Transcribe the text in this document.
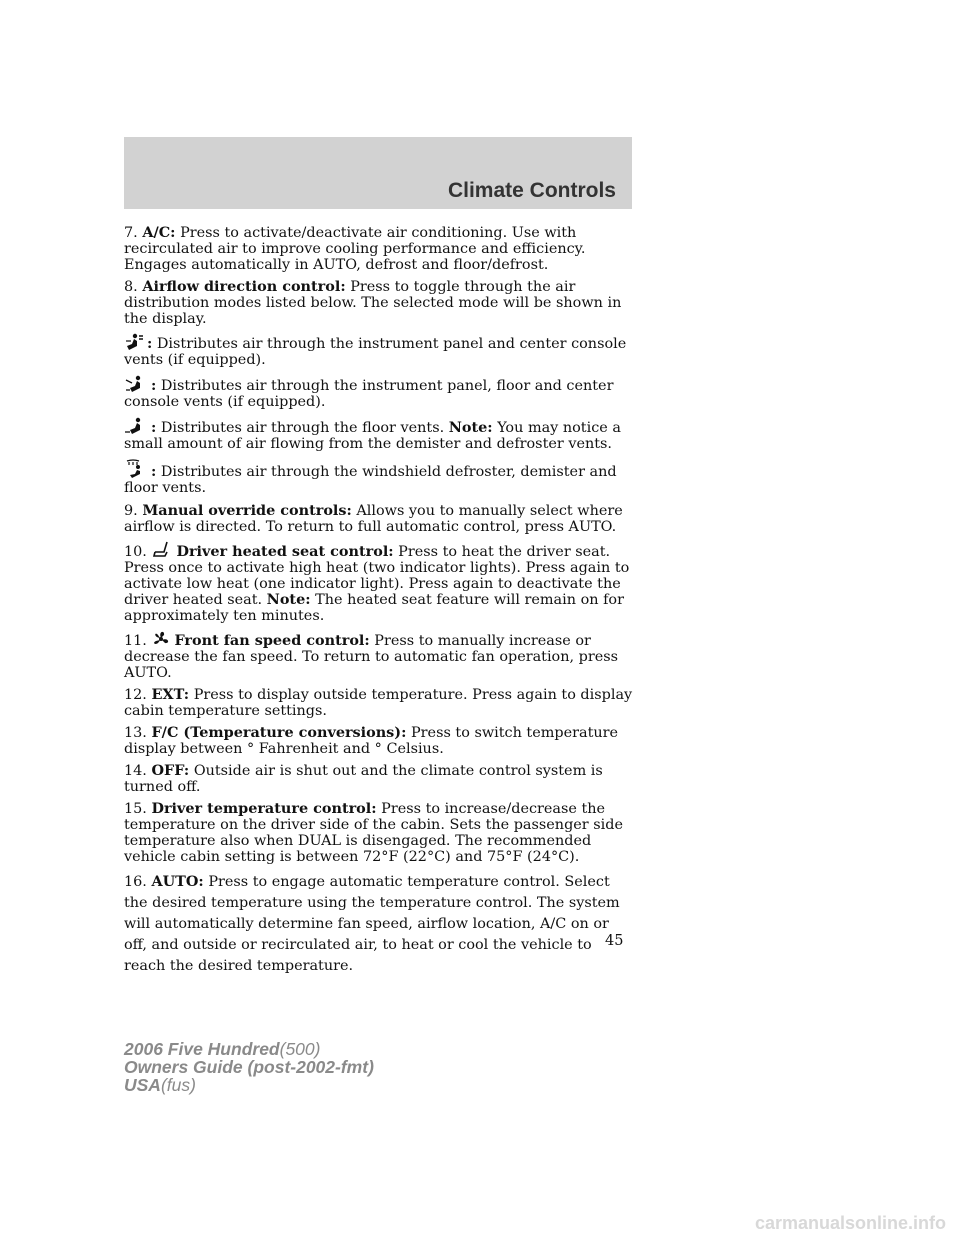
Climate Controls

7. A/C: Press to activate/deactivate air conditioning. Use with recirculated air to improve cooling performance and efficiency. Engages automatically in AUTO, defrost and floor/defrost.

8. Airflow direction control: Press to toggle through the air distribution modes listed below. The selected mode will be shown in the display.

: Distributes air through the instrument panel and center console vents (if equipped).

: Distributes air through the instrument panel, floor and center console vents (if equipped).

: Distributes air through the floor vents. Note: You may notice a small amount of air flowing from the demister and defroster vents.

: Distributes air through the windshield defroster, demister and floor vents.

9. Manual override controls: Allows you to manually select where airflow is directed. To return to full automatic control, press AUTO.

10. Driver heated seat control: Press to heat the driver seat. Press once to activate high heat (two indicator lights). Press again to activate low heat (one indicator light). Press again to deactivate the driver heated seat. Note: The heated seat feature will remain on for approximately ten minutes.

11. Front fan speed control: Press to manually increase or decrease the fan speed. To return to automatic fan operation, press AUTO.

12. EXT: Press to display outside temperature. Press again to display cabin temperature settings.

13. F/C (Temperature conversions): Press to switch temperature display between ° Fahrenheit and ° Celsius.

14. OFF: Outside air is shut out and the climate control system is turned off.

15. Driver temperature control: Press to increase/decrease the temperature on the driver side of the cabin. Sets the passenger side temperature also when DUAL is disengaged. The recommended vehicle cabin setting is between 72°F (22°C) and 75°F (24°C).

16. AUTO: Press to engage automatic temperature control. Select the desired temperature using the temperature control. The system will automatically determine fan speed, airflow location, A/C on or off, and outside or recirculated air, to heat or cool the vehicle to reach the desired temperature.

45
2006 Five Hundred(500)
Owners Guide (post-2002-fmt)
USA(fus)
carmanualsonline.info
